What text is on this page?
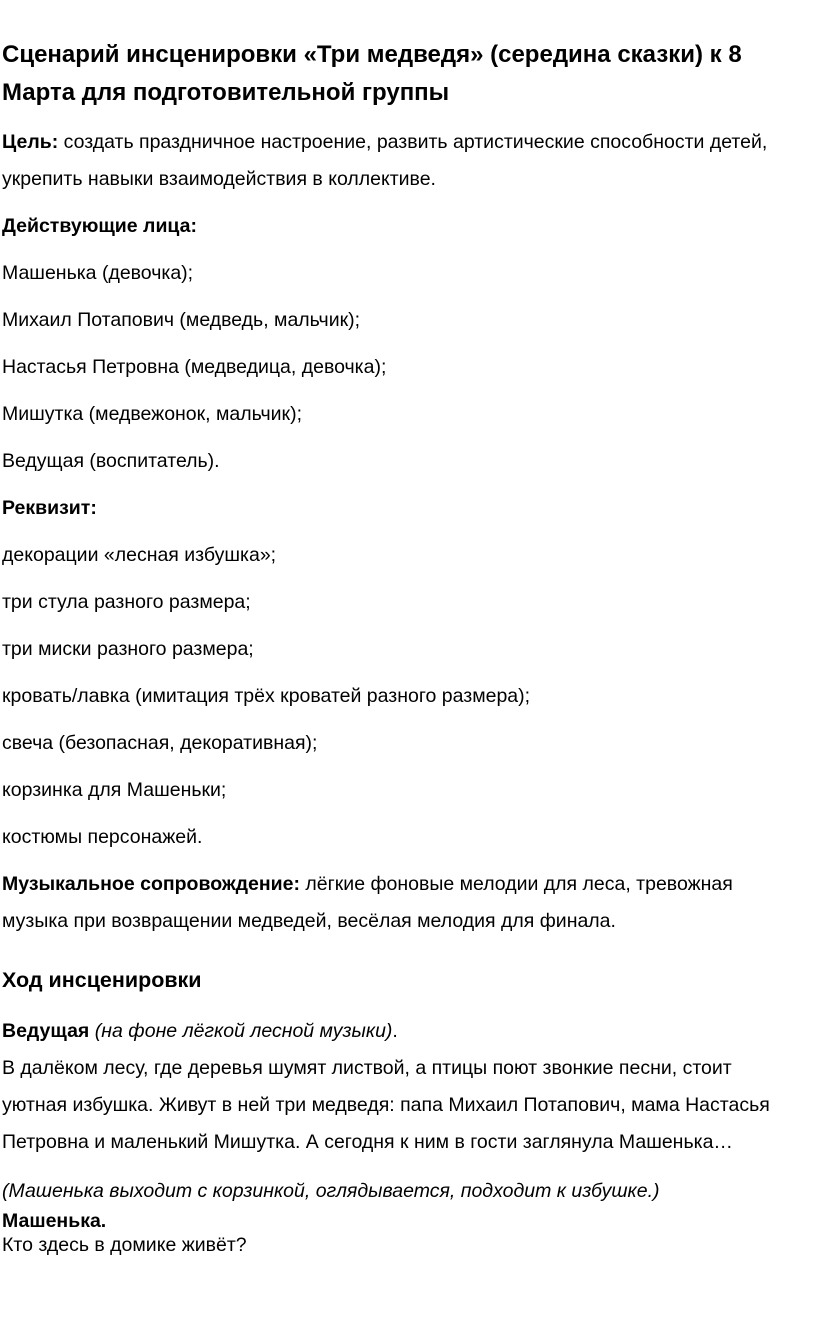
Сценарий инсценировки «Три медведя» (середина сказки) к 8 Марта для подготовительной группы

Цель: создать праздничное настроение, развить артистические способности детей, укрепить навыки взаимодействия в коллективе.

Действующие лица:

Машенька (девочка);

Михаил Потапович (медведь, мальчик);

Настасья Петровна (медведица, девочка);

Мишутка (медвежонок, мальчик);

Ведущая (воспитатель).

Реквизит:

декорации «лесная избушка»;

три стула разного размера;

три миски разного размера;

кровать/лавка (имитация трёх кроватей разного размера);

свеча (безопасная, декоративная);

корзинка для Машеньки;

костюмы персонажей.

Музыкальное сопровождение: лёгкие фоновые мелодии для леса, тревожная музыка при возвращении медведей, весёлая мелодия для финала.

Ход инсценировки

Ведущая (на фоне лёгкой лесной музыки).

В далёком лесу, где деревья шумят листвой, а птицы поют звонкие песни, стоит уютная избушка. Живут в ней три медведя: папа Михаил Потапович, мама Настасья Петровна и маленький Мишутка. А сегодня к ним в гости заглянула Машенька…

(Машенька выходит с корзинкой, оглядывается, подходит к избушке.)

Машенька.

Кто здесь в домике живёт?
